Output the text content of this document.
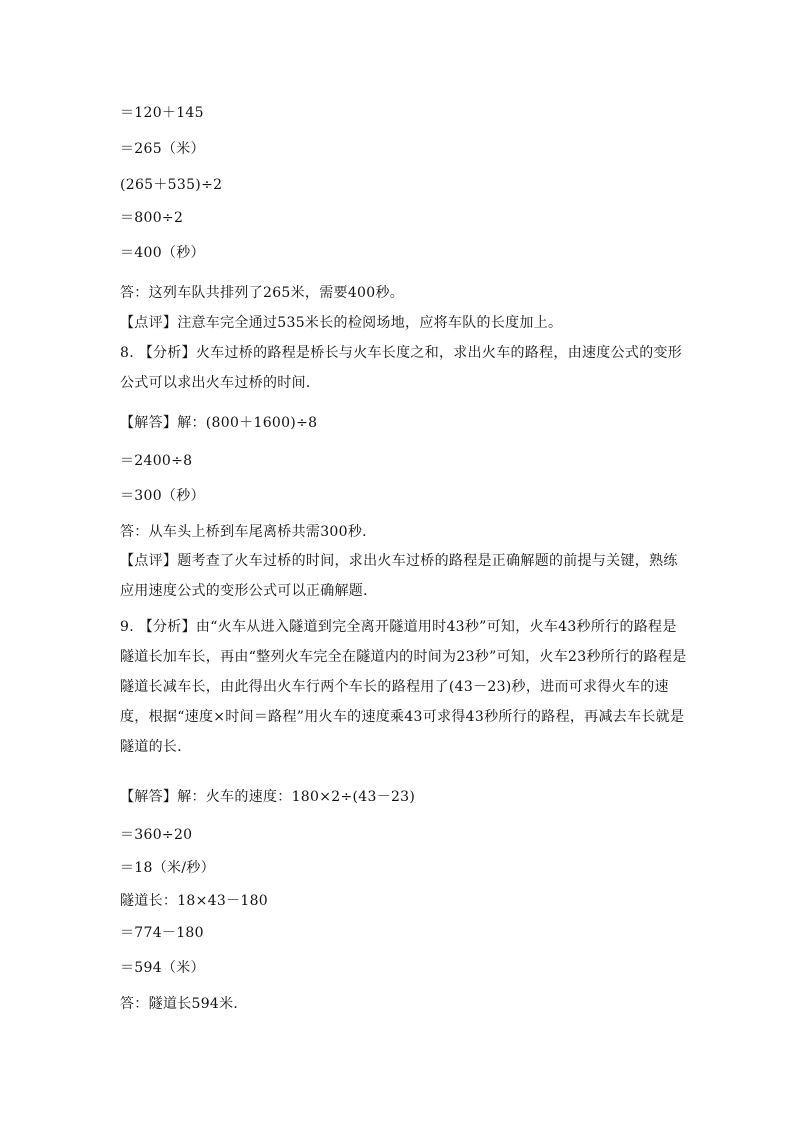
＝120＋145
＝265（米）
(265＋535)÷2
＝800÷2
＝400（秒）
答：这列车队共排列了265米，需要400秒。
【点评】注意车完全通过535米长的检阅场地，应将车队的长度加上。
8. 【分析】火车过桥的路程是桥长与火车长度之和，求出火车的路程，由速度公式的变形公式可以求出火车过桥的时间．
【解答】解：(800＋1600)÷8
＝2400÷8
＝300（秒）
答：从车头上桥到车尾离桥共需300秒．
【点评】题考查了火车过桥的时间，求出火车过桥的路程是正确解题的前提与关键，熟练应用速度公式的变形公式可以正确解题．
9. 【分析】由“火车从进入隧道到完全离开隧道用时43秒”可知，火车43秒所行的路程是隧道长加车长，再由“整列火车完全在隧道内的时间为23秒”可知，火车23秒所行的路程是隧道长减车长，由此得出火车行两个车长的路程用了(43－23)秒，进而可求得火车的速度，根据“速度×时间＝路程”用火车的速度乘43可求得43秒所行的路程，再减去车长就是隧道的长．
【解答】解：火车的速度：180×2÷(43－23)
＝360÷20
＝18（米/秒）
隧道长：18×43－180
＝774－180
＝594（米）
答：隧道长594米．
